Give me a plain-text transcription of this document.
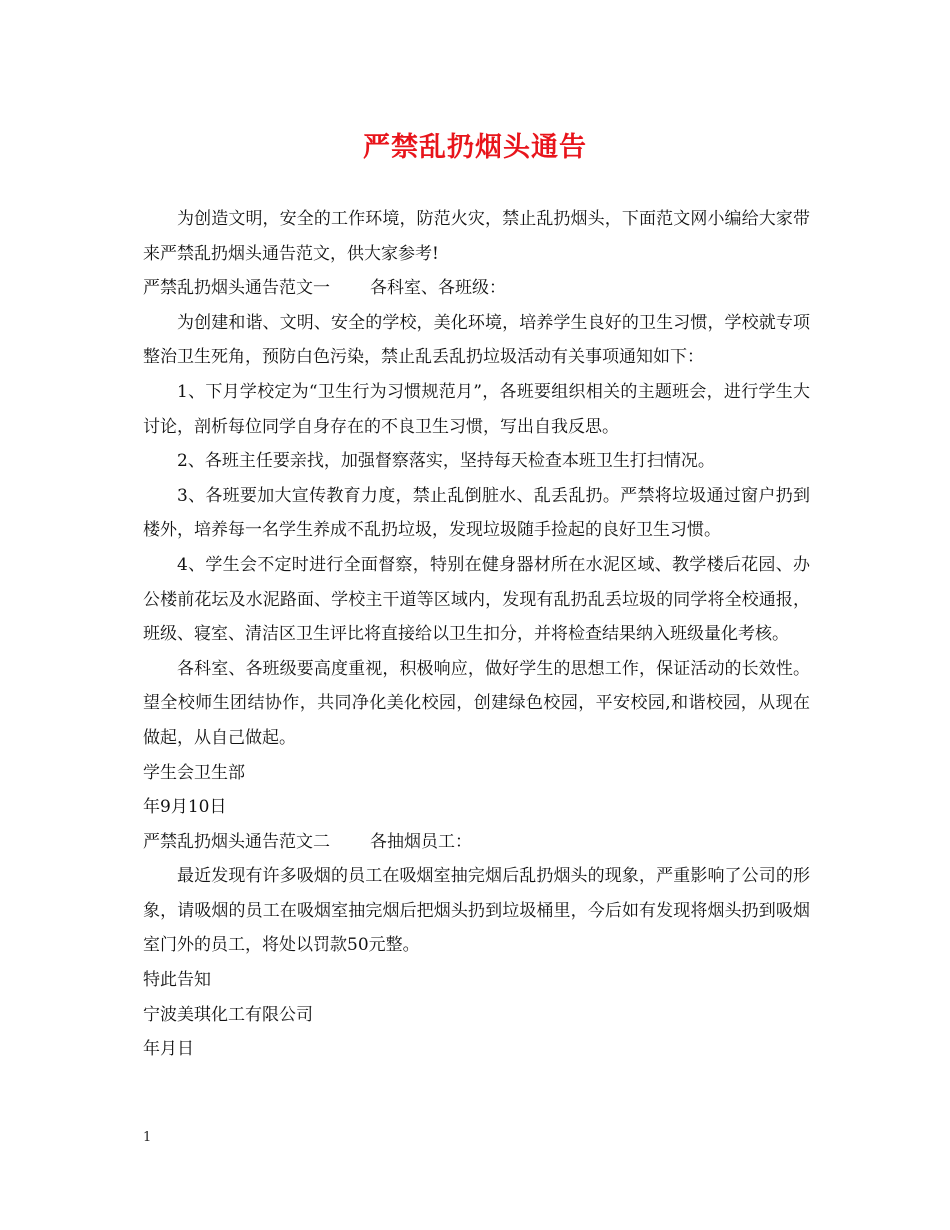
严禁乱扔烟头通告

为创造文明，安全的工作环境，防范火灾，禁止乱扔烟头，下面范文网小编给大家带来严禁乱扔烟头通告范文，供大家参考!

严禁乱扔烟头通告范文一 各科室、各班级：

为创建和谐、文明、安全的学校，美化环境，培养学生良好的卫生习惯，学校就专项整治卫生死角，预防白色污染，禁止乱丢乱扔垃圾活动有关事项通知如下：

1、下月学校定为“卫生行为习惯规范月”，各班要组织相关的主题班会，进行学生大讨论，剖析每位同学自身存在的不良卫生习惯，写出自我反思。

2、各班主任要亲找，加强督察落实，坚持每天检查本班卫生打扫情况。

3、各班要加大宣传教育力度，禁止乱倒脏水、乱丢乱扔。严禁将垃圾通过窗户扔到楼外，培养每一名学生养成不乱扔垃圾，发现垃圾随手捡起的良好卫生习惯。

4、学生会不定时进行全面督察，特别在健身器材所在水泥区域、教学楼后花园、办公楼前花坛及水泥路面、学校主干道等区域内，发现有乱扔乱丢垃圾的同学将全校通报，班级、寝室、清洁区卫生评比将直接给以卫生扣分，并将检查结果纳入班级量化考核。

各科室、各班级要高度重视，积极响应，做好学生的思想工作，保证活动的长效性。望全校师生团结协作，共同净化美化校园，创建绿色校园，平安校园,和谐校园，从现在做起，从自己做起。

学生会卫生部

年9月10日

严禁乱扔烟头通告范文二 各抽烟员工：

最近发现有许多吸烟的员工在吸烟室抽完烟后乱扔烟头的现象，严重影响了公司的形象，请吸烟的员工在吸烟室抽完烟后把烟头扔到垃圾桶里，今后如有发现将烟头扔到吸烟室门外的员工，将处以罚款50元整。

特此告知

宁波美琪化工有限公司

年月日

1
